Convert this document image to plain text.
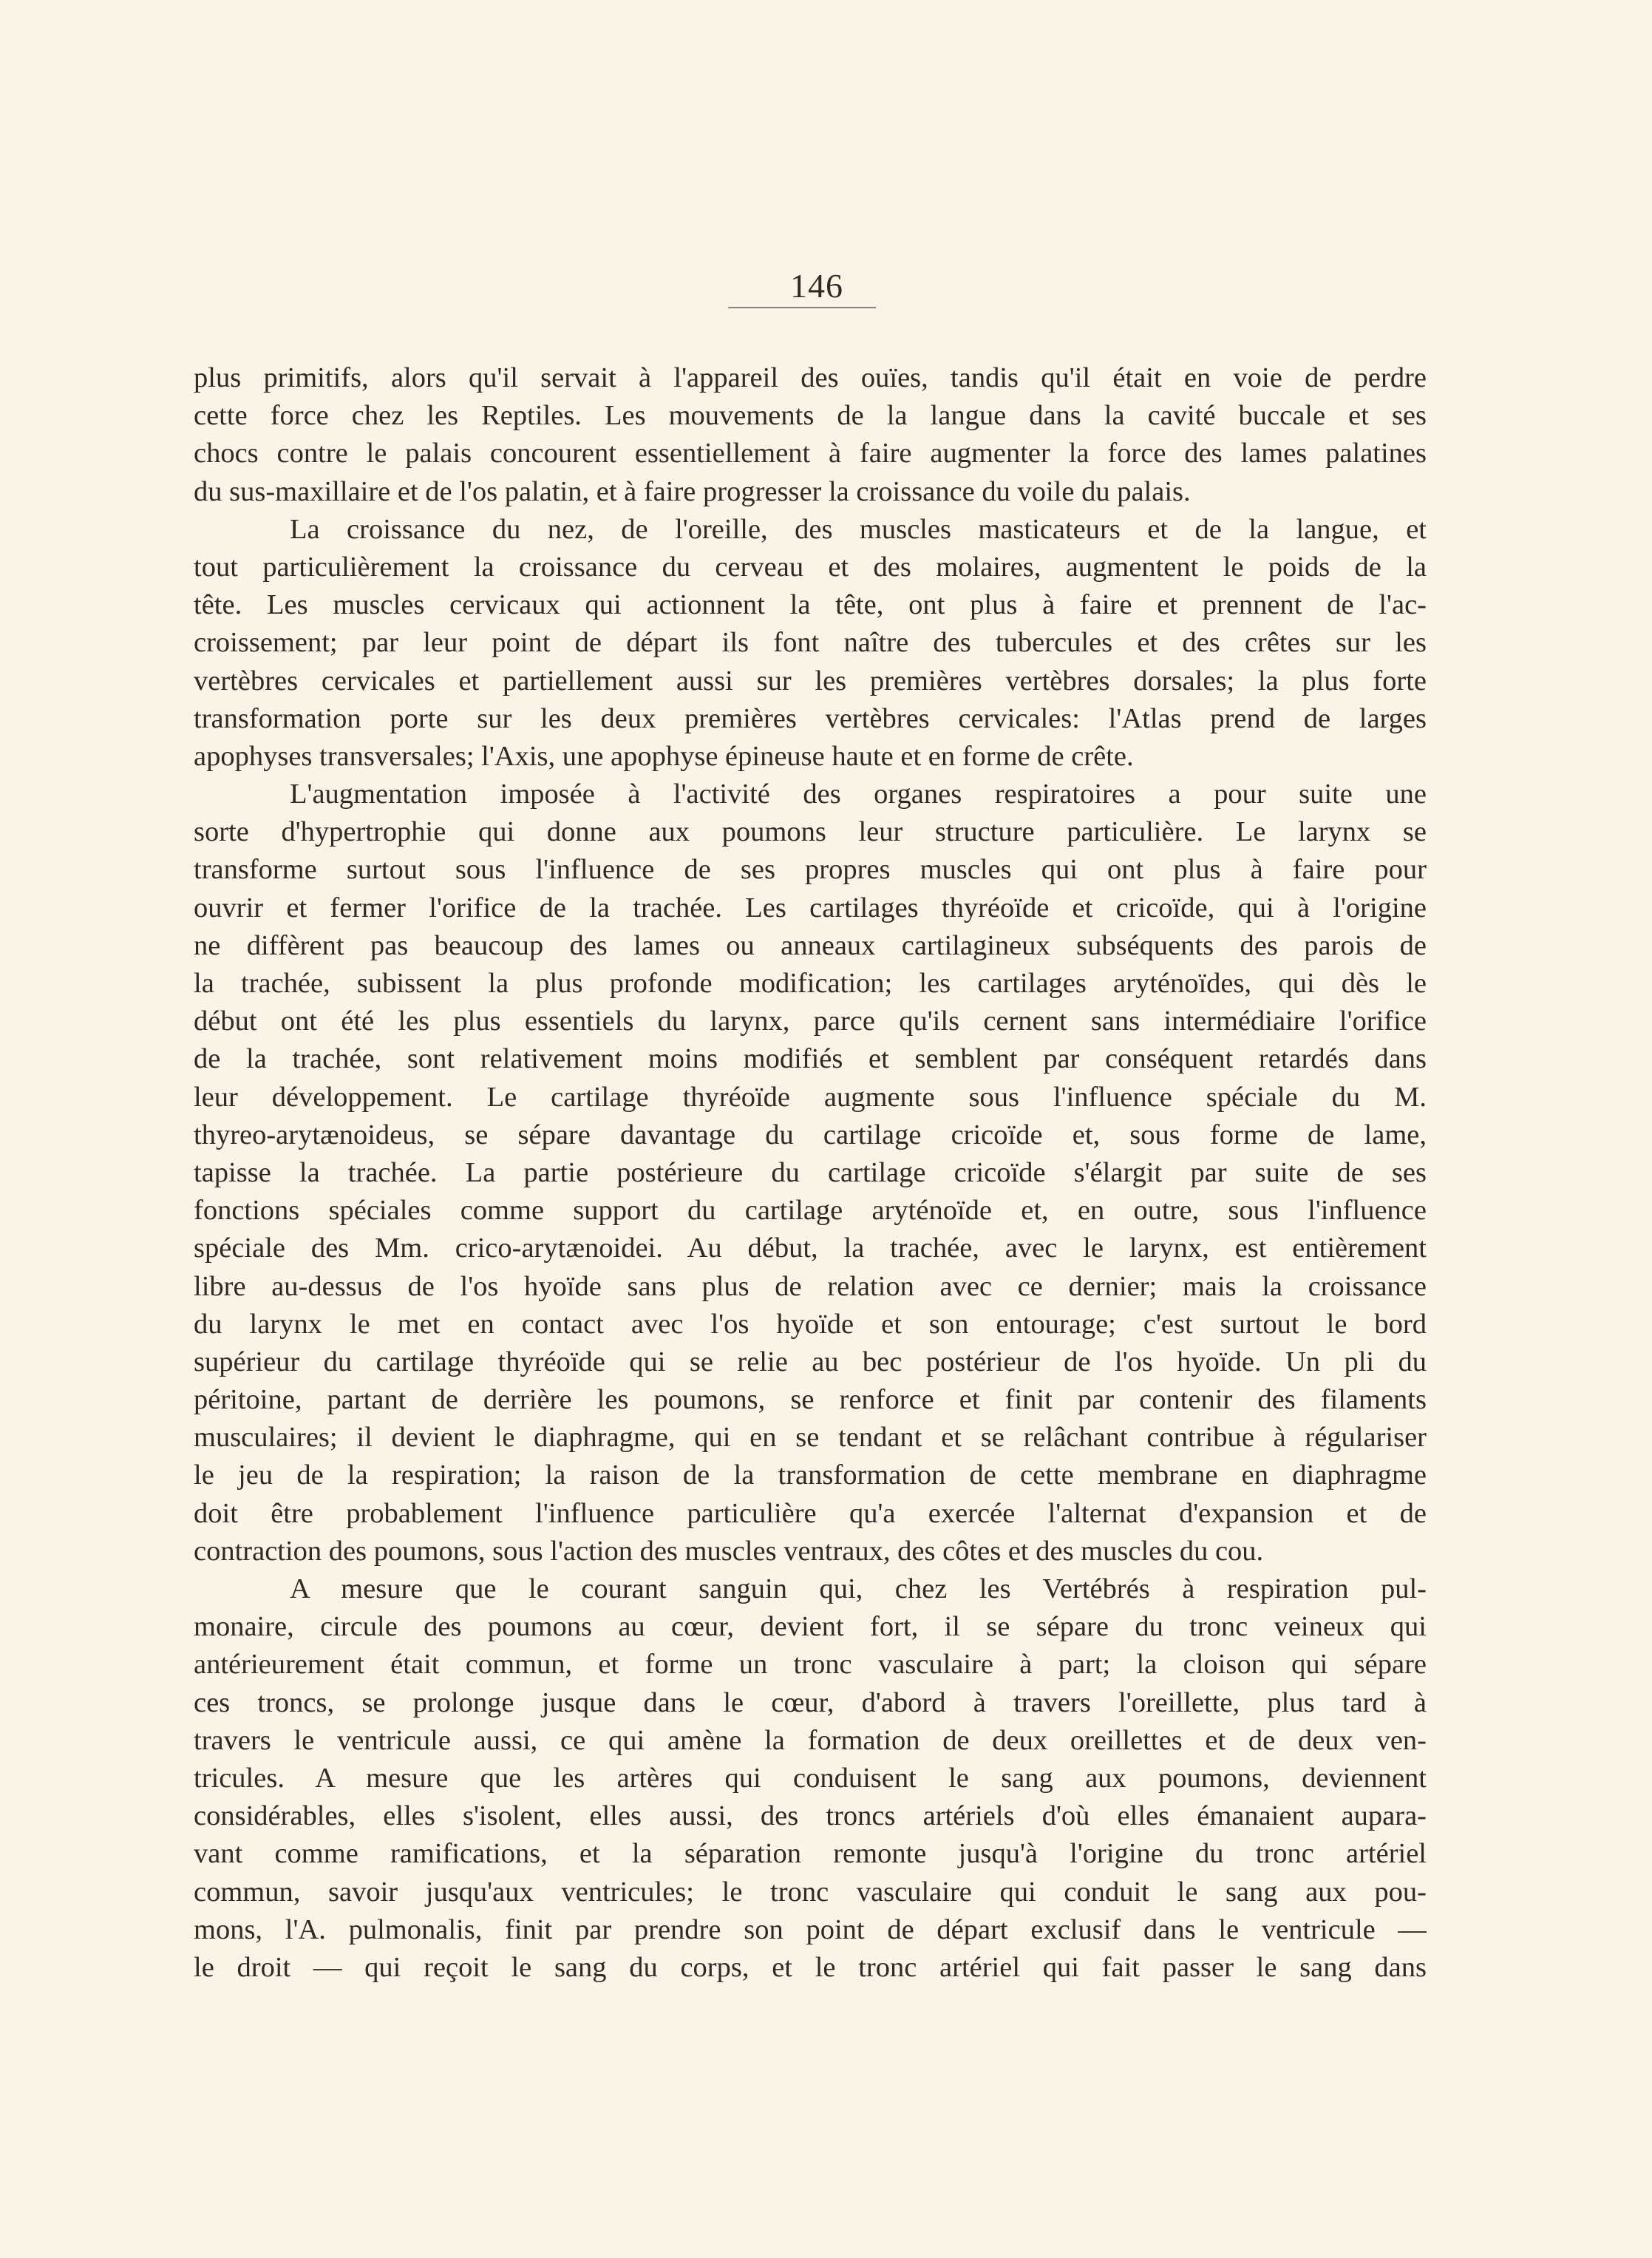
146
plus primitifs, alors qu'il servait à l'appareil des ouïes, tandis qu'il était en voie de perdre
cette force chez les Reptiles. Les mouvements de la langue dans la cavité buccale et ses
chocs contre le palais concourent essentiellement à faire augmenter la force des lames palatines
du sus-maxillaire et de l'os palatin, et à faire progresser la croissance du voile du palais.
La croissance du nez, de l'oreille, des muscles masticateurs et de la langue, et
tout particulièrement la croissance du cerveau et des molaires, augmentent le poids de la
tête. Les muscles cervicaux qui actionnent la tête, ont plus à faire et prennent de l'ac-
croissement; par leur point de départ ils font naître des tubercules et des crêtes sur les
vertèbres cervicales et partiellement aussi sur les premières vertèbres dorsales; la plus forte
transformation porte sur les deux premières vertèbres cervicales: l'Atlas prend de larges
apophyses transversales; l'Axis, une apophyse épineuse haute et en forme de crête.
L'augmentation imposée à l'activité des organes respiratoires a pour suite une
sorte d'hypertrophie qui donne aux poumons leur structure particulière. Le larynx se
transforme surtout sous l'influence de ses propres muscles qui ont plus à faire pour
ouvrir et fermer l'orifice de la trachée. Les cartilages thyréoïde et cricoïde, qui à l'origine
ne diffèrent pas beaucoup des lames ou anneaux cartilagineux subséquents des parois de
la trachée, subissent la plus profonde modification; les cartilages aryténoïdes, qui dès le
début ont été les plus essentiels du larynx, parce qu'ils cernent sans intermédiaire l'orifice
de la trachée, sont relativement moins modifiés et semblent par conséquent retardés dans
leur développement. Le cartilage thyréoïde augmente sous l'influence spéciale du M.
thyreo-arytænoideus, se sépare davantage du cartilage cricoïde et, sous forme de lame,
tapisse la trachée. La partie postérieure du cartilage cricoïde s'élargit par suite de ses
fonctions spéciales comme support du cartilage aryténoïde et, en outre, sous l'influence
spéciale des Mm. crico-arytænoidei. Au début, la trachée, avec le larynx, est entièrement
libre au-dessus de l'os hyoïde sans plus de relation avec ce dernier; mais la croissance
du larynx le met en contact avec l'os hyoïde et son entourage; c'est surtout le bord
supérieur du cartilage thyréoïde qui se relie au bec postérieur de l'os hyoïde. Un pli du
péritoine, partant de derrière les poumons, se renforce et finit par contenir des filaments
musculaires; il devient le diaphragme, qui en se tendant et se relâchant contribue à régulariser
le jeu de la respiration; la raison de la transformation de cette membrane en diaphragme
doit être probablement l'influence particulière qu'a exercée l'alternat d'expansion et de
contraction des poumons, sous l'action des muscles ventraux, des côtes et des muscles du cou.
A mesure que le courant sanguin qui, chez les Vertébrés à respiration pul-
monaire, circule des poumons au cœur, devient fort, il se sépare du tronc veineux qui
antérieurement était commun, et forme un tronc vasculaire à part; la cloison qui sépare
ces troncs, se prolonge jusque dans le cœur, d'abord à travers l'oreillette, plus tard à
travers le ventricule aussi, ce qui amène la formation de deux oreillettes et de deux ven-
tricules. A mesure que les artères qui conduisent le sang aux poumons, deviennent
considérables, elles s'isolent, elles aussi, des troncs artériels d'où elles émanaient aupara-
vant comme ramifications, et la séparation remonte jusqu'à l'origine du tronc artériel
commun, savoir jusqu'aux ventricules; le tronc vasculaire qui conduit le sang aux pou-
mons, l'A. pulmonalis, finit par prendre son point de départ exclusif dans le ventricule —
le droit — qui reçoit le sang du corps, et le tronc artériel qui fait passer le sang dans
